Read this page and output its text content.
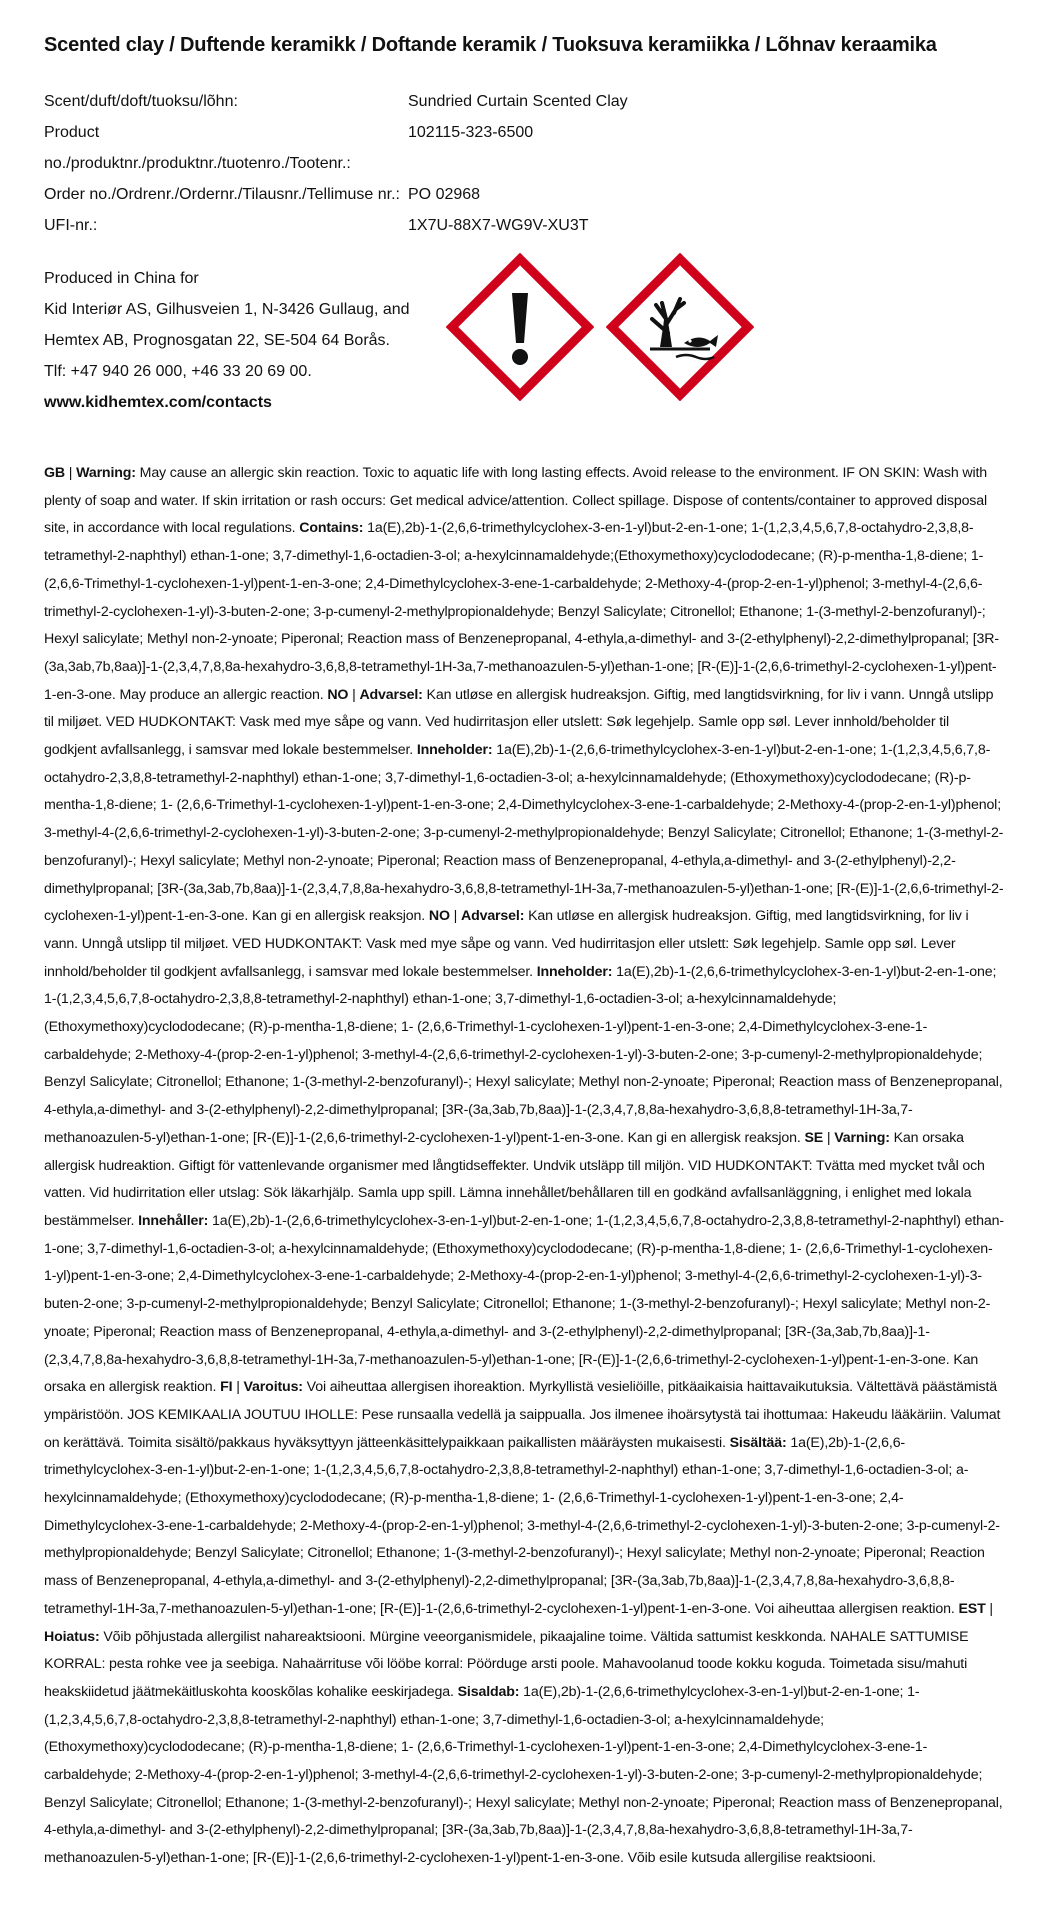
Scented clay / Duftende keramikk / Doftande keramik / Tuoksuva keramiikka / Lõhnav keraamika
Scent/duft/doft/tuoksu/lõhn:	Sundried Curtain Scented Clay
Product no./produktnr./produktnr./tuotenro./Tootenr.:
102115-323-6500
Order no./Ordrenr./Ordernr./Tilausnr./Tellimuse nr.: PO 02968
UFI-nr.:	1X7U-88X7-WG9V-XU3T
Produced in China for
Kid Interiør AS, Gilhusveien 1, N-3426 Gullaug, and
Hemtex AB, Prognosgatan 22, SE-504 64 Borås.
Tlf: +47 940 26 000, +46 33 20 69 00.
www.kidhemtex.com/contacts
GB | Warning: May cause an allergic skin reaction. Toxic to aquatic life with long lasting effects. Avoid release to the environment. IF ON SKIN: Wash with plenty of soap and water. If skin irritation or rash occurs: Get medical advice/attention. Collect spillage. Dispose of contents/container to approved disposal site, in accordance with local regulations. Contains: 1a(E),2b)-1-(2,6,6-trimethylcyclohex-3-en-1-yl)but-2-en-1-one; 1-(1,2,3,4,5,6,7,8-octahydro-2,3,8,8-tetramethyl-2-naphthyl) ethan-1-one; 3,7-dimethyl-1,6-octadien-3-ol; a-hexylcinnamaldehyde;(Ethoxymethoxy)cyclododecane; (R)-p-mentha-1,8-diene; 1-(2,6,6-Trimethyl-1-cyclohexen-1-yl)pent-1-en-3-one; 2,4-Dimethylcyclohex-3-ene-1-carbaldehyde; 2-Methoxy-4-(prop-2-en-1-yl)phenol; 3-methyl-4-(2,6,6-trimethyl-2-cyclohexen-1-yl)-3-buten-2-one; 3-p-cumenyl-2-methylpropionaldehyde; Benzyl Salicylate; Citronellol; Ethanone; 1-(3-methyl-2-benzofuranyl)-; Hexyl salicylate; Methyl non-2-ynoate; Piperonal; Reaction mass of Benzenepropanal, 4-ethyla,a-dimethyl- and 3-(2-ethylphenyl)-2,2-dimethylpropanal; [3R-(3a,3ab,7b,8aa)]-1-(2,3,4,7,8,8a-hexahydro-3,6,8,8-tetramethyl-1H-3a,7-methanoazulen-5-yl)ethan-1-one; [R-(E)]-1-(2,6,6-trimethyl-2-cyclohexen-1-yl)pent-1-en-3-one. May produce an allergic reaction. NO | Advarsel: Kan utløse en allergisk hudreaksjon. Giftig, med langtidsvirkning, for liv i vann. Unngå utslipp til miljøet. VED HUDKONTAKT: Vask med mye såpe og vann. Ved hudirritasjon eller utslett: Søk legehjelp. Samle opp søl. Lever innhold/beholder til godkjent avfallsanlegg, i samsvar med lokale bestemmelser. Inneholder: 1a(E),2b)-1-(2,6,6-trimethylcyclohex-3-en-1-yl)but-2-en-1-one; 1-(1,2,3,4,5,6,7,8-octahydro-2,3,8,8-tetramethyl-2-naphthyl) ethan-1-one; 3,7-dimethyl-1,6-octadien-3-ol; a-hexylcinnamaldehyde; (Ethoxymethoxy)cyclododecane; (R)-p-mentha-1,8-diene; 1- (2,6,6-Trimethyl-1-cyclohexen-1-yl)pent-1-en-3-one; 2,4-Dimethylcyclohex-3-ene-1-carbaldehyde; 2-Methoxy-4-(prop-2-en-1-yl)phenol; 3-methyl-4-(2,6,6-trimethyl-2-cyclohexen-1-yl)-3-buten-2-one; 3-p-cumenyl-2-methylpropionaldehyde; Benzyl Salicylate; Citronellol; Ethanone; 1-(3-methyl-2-benzofuranyl)-; Hexyl salicylate; Methyl non-2-ynoate; Piperonal; Reaction mass of Benzenepropanal, 4-ethyla,a-dimethyl- and 3-(2-ethylphenyl)-2,2-dimethylpropanal; [3R-(3a,3ab,7b,8aa)]-1-(2,3,4,7,8,8a-hexahydro-3,6,8,8-tetramethyl-1H-3a,7-methanoazulen-5-yl)ethan-1-one; [R-(E)]-1-(2,6,6-trimethyl-2-cyclohexen-1-yl)pent-1-en-3-one. Kan gi en allergisk reaksjon. NO | Advarsel: Kan utløse en allergisk hudreaksjon. Giftig, med langtidsvirkning, for liv i vann. Unngå utslipp til miljøet. VED HUDKONTAKT: Vask med mye såpe og vann. Ved hudirritasjon eller utslett: Søk legehjelp. Samle opp søl. Lever innhold/beholder til godkjent avfallsanlegg, i samsvar med lokale bestemmelser. Inneholder: 1a(E),2b)-1-(2,6,6-trimethylcyclohex-3-en-1-yl)but-2-en-1-one; 1-(1,2,3,4,5,6,7,8-octahydro-2,3,8,8-tetramethyl-2-naphthyl) ethan-1-one; 3,7-dimethyl-1,6-octadien-3-ol; a-hexylcinnamaldehyde; (Ethoxymethoxy)cyclododecane; (R)-p-mentha-1,8-diene; 1- (2,6,6-Trimethyl-1-cyclohexen-1-yl)pent-1-en-3-one; 2,4-Dimethylcyclohex-3-ene-1-carbaldehyde; 2-Methoxy-4-(prop-2-en-1-yl)phenol; 3-methyl-4-(2,6,6-trimethyl-2-cyclohexen-1-yl)-3-buten-2-one; 3-p-cumenyl-2-methylpropionaldehyde; Benzyl Salicylate; Citronellol; Ethanone; 1-(3-methyl-2-benzofuranyl)-; Hexyl salicylate; Methyl non-2-ynoate; Piperonal; Reaction mass of Benzenepropanal, 4-ethyla,a-dimethyl- and 3-(2-ethylphenyl)-2,2-dimethylpropanal; [3R-(3a,3ab,7b,8aa)]-1-(2,3,4,7,8,8a-hexahydro-3,6,8,8-tetramethyl-1H-3a,7-methanoazulen-5-yl)ethan-1-one; [R-(E)]-1-(2,6,6-trimethyl-2-cyclohexen-1-yl)pent-1-en-3-one. Kan gi en allergisk reaksjon. SE | Varning: Kan orsaka allergisk hudreaktion. Giftigt för vattenlevande organismer med långtidseffekter. Undvik utsläpp till miljön. VID HUDKONTAKT: Tvätta med mycket tvål och vatten. Vid hudirritation eller utslag: Sök läkarhjälp. Samla upp spill. Lämna innehållet/behållaren till en godkänd avfallsanläggning, i enlighet med lokala bestämmelser. Innehåller: 1a(E),2b)-1-(2,6,6-trimethylcyclohex-3-en-1-yl)but-2-en-1-one; 1-(1,2,3,4,5,6,7,8-octahydro-2,3,8,8-tetramethyl-2-naphthyl) ethan-1-one; 3,7-dimethyl-1,6-octadien-3-ol; a-hexylcinnamaldehyde; (Ethoxymethoxy)cyclododecane; (R)-p-mentha-1,8-diene; 1- (2,6,6-Trimethyl-1-cyclohexen-1-yl)pent-1-en-3-one; 2,4-Dimethylcyclohex-3-ene-1-carbaldehyde; 2-Methoxy-4-(prop-2-en-1-yl)phenol; 3-methyl-4-(2,6,6-trimethyl-2-cyclohexen-1-yl)-3-buten-2-one; 3-p-cumenyl-2-methylpropionaldehyde; Benzyl Salicylate; Citronellol; Ethanone; 1-(3-methyl-2-benzofuranyl)-; Hexyl salicylate; Methyl non-2-ynoate; Piperonal; Reaction mass of Benzenepropanal, 4-ethyla,a-dimethyl- and 3-(2-ethylphenyl)-2,2-dimethylpropanal; [3R-(3a,3ab,7b,8aa)]-1-(2,3,4,7,8,8a-hexahydro-3,6,8,8-tetramethyl-1H-3a,7-methanoazulen-5-yl)ethan-1-one; [R-(E)]-1-(2,6,6-trimethyl-2-cyclohexen-1-yl)pent-1-en-3-one. Kan orsaka en allergisk reaktion. FI | Varoitus: Voi aiheuttaa allergisen ihoreaktion. Myrkyllistä vesieliöille, pitkäaikaisia haittavaikutuksia. Vältettävä päästämistä ympäristöön. JOS KEMIKAALIA JOUTUU IHOLLE: Pese runsaalla vedellä ja saippualla. Jos ilmenee ihoärsytystä tai ihottumaa: Hakeudu lääkäriin. Valumat on kerättävä. Toimita sisältö/pakkaus hyväksyttyyn jätteenkäsittelypaikkaan paikallisten määräysten mukaisesti. Sisältää: 1a(E),2b)-1-(2,6,6-trimethylcyclohex-3-en-1-yl)but-2-en-1-one; 1-(1,2,3,4,5,6,7,8-octahydro-2,3,8,8-tetramethyl-2-naphthyl) ethan-1-one; 3,7-dimethyl-1,6-octadien-3-ol; a-hexylcinnamaldehyde; (Ethoxymethoxy)cyclododecane; (R)-p-mentha-1,8-diene; 1- (2,6,6-Trimethyl-1-cyclohexen-1-yl)pent-1-en-3-one; 2,4-Dimethylcyclohex-3-ene-1-carbaldehyde; 2-Methoxy-4-(prop-2-en-1-yl)phenol; 3-methyl-4-(2,6,6-trimethyl-2-cyclohexen-1-yl)-3-buten-2-one; 3-p-cumenyl-2-methylpropionaldehyde; Benzyl Salicylate; Citronellol; Ethanone; 1-(3-methyl-2-benzofuranyl)-; Hexyl salicylate; Methyl non-2-ynoate; Piperonal; Reaction mass of Benzenepropanal, 4-ethyla,a-dimethyl- and 3-(2-ethylphenyl)-2,2-dimethylpropanal; [3R-(3a,3ab,7b,8aa)]-1-(2,3,4,7,8,8a-hexahydro-3,6,8,8-tetramethyl-1H-3a,7-methanoazulen-5-yl)ethan-1-one; [R-(E)]-1-(2,6,6-trimethyl-2-cyclohexen-1-yl)pent-1-en-3-one. Voi aiheuttaa allergisen reaktion. EST | Hoiatus: Võib põhjustada allergilist nahareaktsiooni. Mürgine veeorganismidele, pikaajaline toime. Vältida sattumist keskkonda. NAHALE SATTUMISE KORRAL: pesta rohke vee ja seebiga. Nahaärrituse või lööbe korral: Pöörduge arsti poole. Mahavoolanud toode kokku koguda. Toimetada sisu/mahuti heakskiidetud jäätmekäitluskohta kooskõlas kohalike eeskirjadega. Sisaldab: 1a(E),2b)-1-(2,6,6-trimethylcyclohex-3-en-1-yl)but-2-en-1-one; 1-(1,2,3,4,5,6,7,8-octahydro-2,3,8,8-tetramethyl-2-naphthyl) ethan-1-one; 3,7-dimethyl-1,6-octadien-3-ol; a-hexylcinnamaldehyde; (Ethoxymethoxy)cyclododecane; (R)-p-mentha-1,8-diene; 1- (2,6,6-Trimethyl-1-cyclohexen-1-yl)pent-1-en-3-one; 2,4-Dimethylcyclohex-3-ene-1-carbaldehyde; 2-Methoxy-4-(prop-2-en-1-yl)phenol; 3-methyl-4-(2,6,6-trimethyl-2-cyclohexen-1-yl)-3-buten-2-one; 3-p-cumenyl-2-methylpropionaldehyde; Benzyl Salicylate; Citronellol; Ethanone; 1-(3-methyl-2-benzofuranyl)-; Hexyl salicylate; Methyl non-2-ynoate; Piperonal; Reaction mass of Benzenepropanal, 4-ethyla,a-dimethyl- and 3-(2-ethylphenyl)-2,2-dimethylpropanal; [3R-(3a,3ab,7b,8aa)]-1-(2,3,4,7,8,8a-hexahydro-3,6,8,8-tetramethyl-1H-3a,7-methanoazulen-5-yl)ethan-1-one; [R-(E)]-1-(2,6,6-trimethyl-2-cyclohexen-1-yl)pent-1-en-3-one. Võib esile kutsuda allergilise reaktsiooni.
